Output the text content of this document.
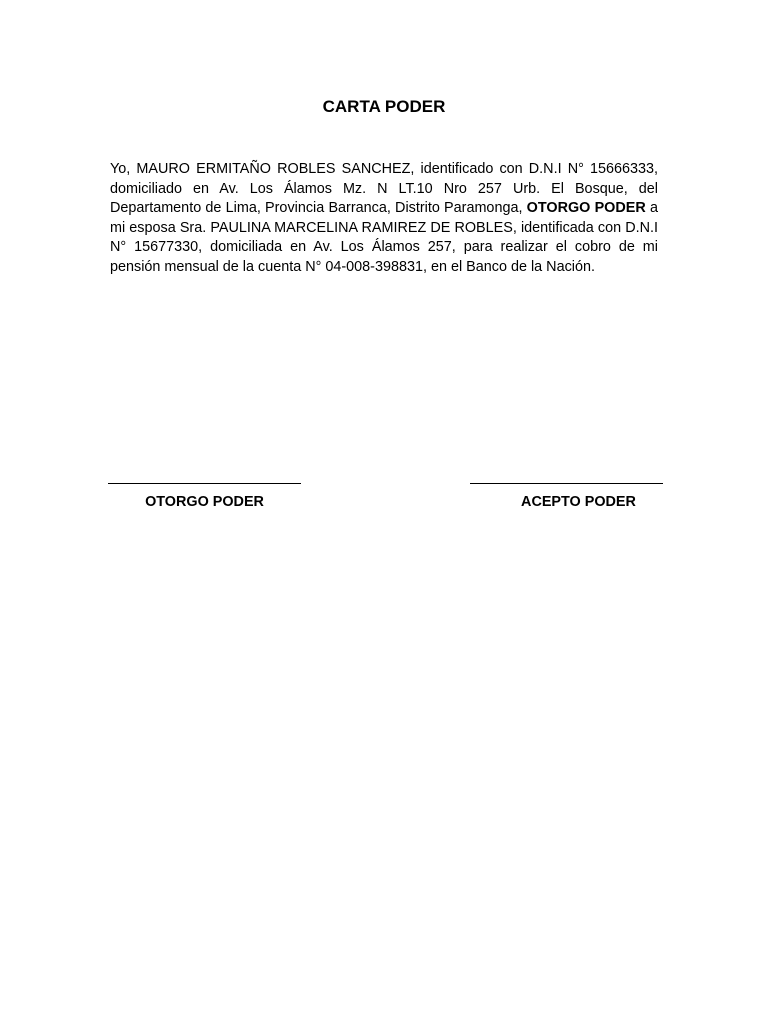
CARTA PODER

Yo, MAURO ERMITAÑO ROBLES SANCHEZ, identificado con D.N.I N° 15666333, domiciliado en Av. Los Álamos Mz. N LT.10 Nro 257 Urb. El Bosque, del Departamento de Lima, Provincia Barranca, Distrito Paramonga, OTORGO PODER a mi esposa Sra. PAULINA MARCELINA RAMIREZ DE ROBLES, identificada con D.N.I N° 15677330, domiciliada en Av. Los Álamos 257, para realizar el cobro de mi pensión mensual de la cuenta N° 04-008-398831, en el Banco de la Nación.

OTORGO PODER	ACEPTO PODER
